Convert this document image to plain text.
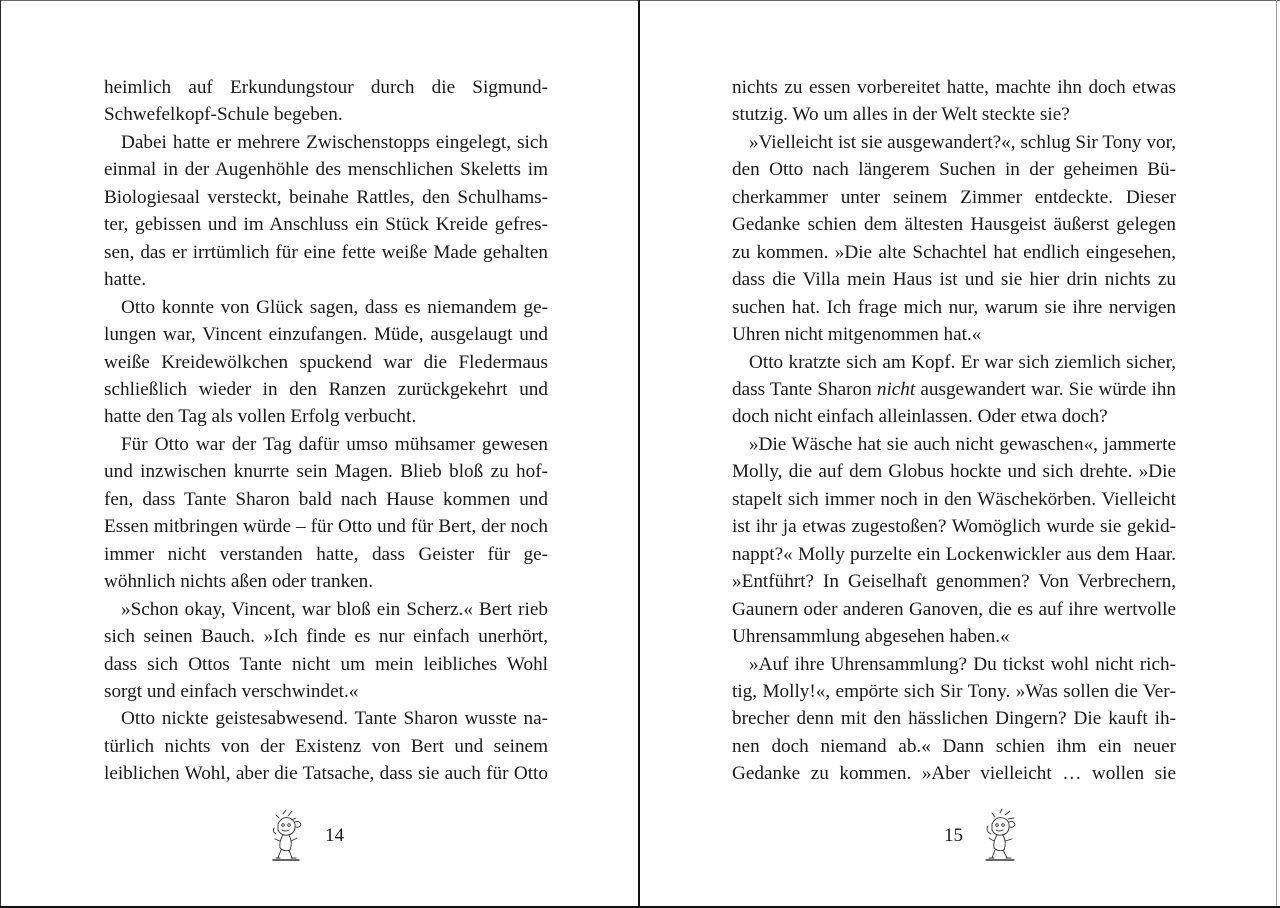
heimlich auf Erkundungstour durch die Sigmund-Schwefelkopf-Schule begeben.

Dabei hatte er mehrere Zwischenstopps eingelegt, sich einmal in der Augenhöhle des menschlichen Skeletts im Biologiesaal versteckt, beinahe Rattles, den Schulhamster, gebissen und im Anschluss ein Stück Kreide gefressen, das er irrtümlich für eine fette weiße Made gehalten hatte.

Otto konnte von Glück sagen, dass es niemandem gelungen war, Vincent einzufangen. Müde, ausgelaugt und weiße Kreidewölkchen spuckend war die Fledermaus schließlich wieder in den Ranzen zurückgekehrt und hatte den Tag als vollen Erfolg verbucht.

Für Otto war der Tag dafür umso mühsamer gewesen und inzwischen knurrte sein Magen. Blieb bloß zu hoffen, dass Tante Sharon bald nach Hause kommen und Essen mitbringen würde – für Otto und für Bert, der noch immer nicht verstanden hatte, dass Geister für gewöhnlich nichts aßen oder tranken.

»Schon okay, Vincent, war bloß ein Scherz.« Bert rieb sich seinen Bauch. »Ich finde es nur einfach unerhört, dass sich Ottos Tante nicht um mein leibliches Wohl sorgt und einfach verschwindet.«

Otto nickte geistesabwesend. Tante Sharon wusste natürlich nichts von der Existenz von Bert und seinem leiblichen Wohl, aber die Tatsache, dass sie auch für Otto

14

nichts zu essen vorbereitet hatte, machte ihn doch etwas stutzig. Wo um alles in der Welt steckte sie?

»Vielleicht ist sie ausgewandert?«, schlug Sir Tony vor, den Otto nach längerem Suchen in der geheimen Bücherkammer unter seinem Zimmer entdeckte. Dieser Gedanke schien dem ältesten Hausgeist äußerst gelegen zu kommen. »Die alte Schachtel hat endlich eingesehen, dass die Villa mein Haus ist und sie hier drin nichts zu suchen hat. Ich frage mich nur, warum sie ihre nervigen Uhren nicht mitgenommen hat.«

Otto kratzte sich am Kopf. Er war sich ziemlich sicher, dass Tante Sharon nicht ausgewandert war. Sie würde ihn doch nicht einfach alleinlassen. Oder etwa doch?

»Die Wäsche hat sie auch nicht gewaschen«, jammerte Molly, die auf dem Globus hockte und sich drehte. »Die stapelt sich immer noch in den Wäschekörben. Vielleicht ist ihr ja etwas zugestoßen? Womöglich wurde sie gekidnappt?« Molly purzelte ein Lockenwickler aus dem Haar. »Entführt? In Geiselhaft genommen? Von Verbrechern, Gaunern oder anderen Ganoven, die es auf ihre wertvolle Uhrensammlung abgesehen haben.«

»Auf ihre Uhrensammlung? Du tickst wohl nicht richtig, Molly!«, empörte sich Sir Tony. »Was sollen die Verbrecher denn mit den hässlichen Dingern? Die kauft ihnen doch niemand ab.« Dann schien ihm ein neuer Gedanke zu kommen. »Aber vielleicht … wollen sie

15
